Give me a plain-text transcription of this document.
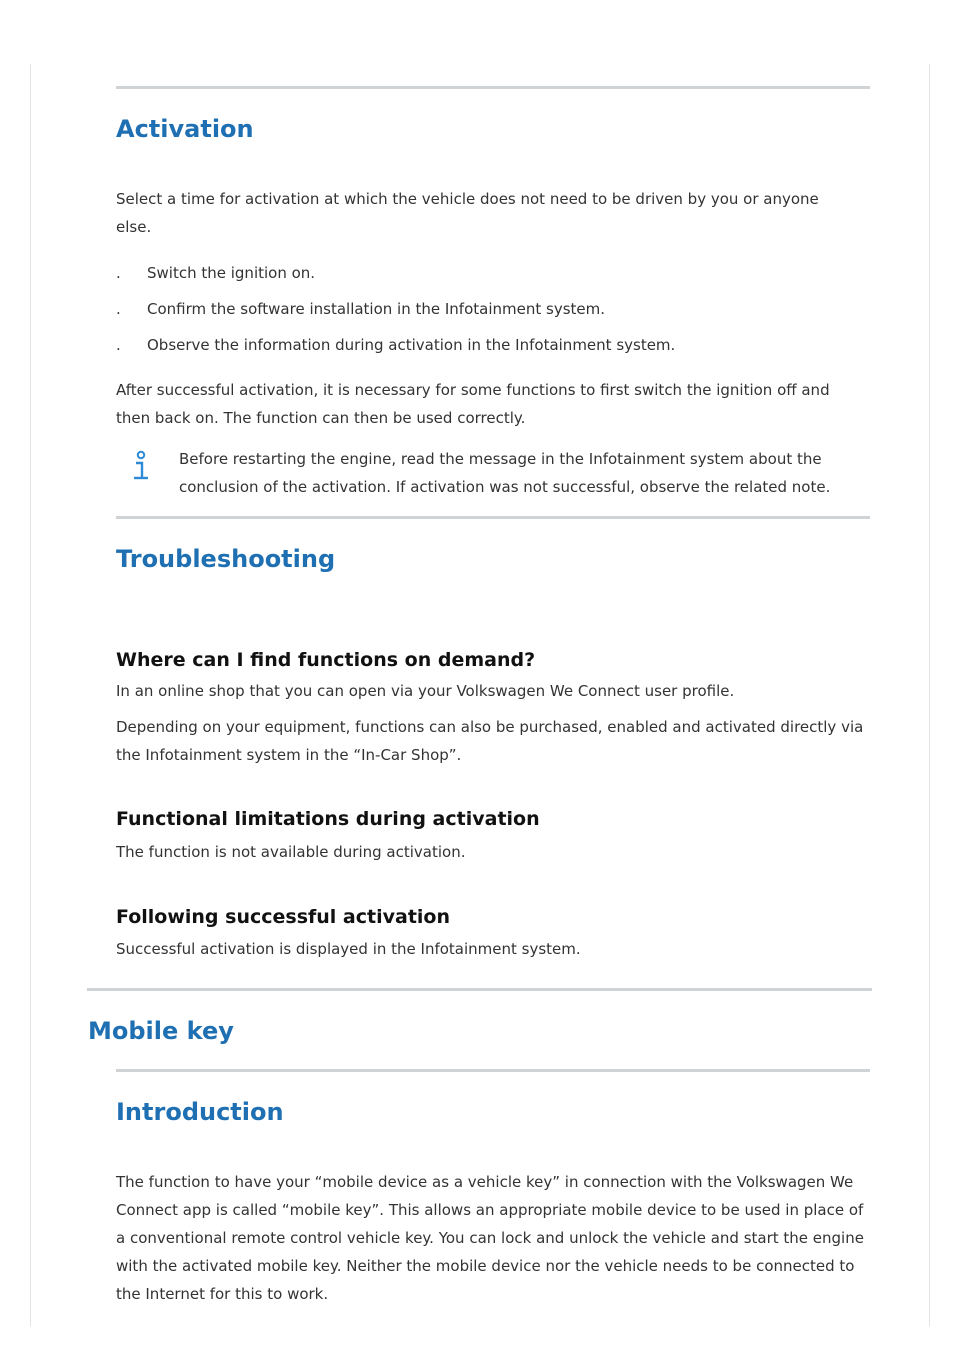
Activation

Select a time for activation at which the vehicle does not need to be driven by you or anyone else.

. Switch the ignition on.
. Confirm the software installation in the Infotainment system.
. Observe the information during activation in the Infotainment system.

After successful activation, it is necessary for some functions to first switch the ignition off and then back on. The function can then be used correctly.

Before restarting the engine, read the message in the Infotainment system about the conclusion of the activation. If activation was not successful, observe the related note.

Troubleshooting
Where can I find functions on demand?

In an online shop that you can open via your Volkswagen We Connect user profile.

Depending on your equipment, functions can also be purchased, enabled and activated directly via the Infotainment system in the “In-Car Shop”.

Functional limitations during activation

The function is not available during activation.

Following successful activation

Successful activation is displayed in the Infotainment system.

Mobile key
Introduction

The function to have your “mobile device as a vehicle key” in connection with the Volkswagen We Connect app is called “mobile key”. This allows an appropriate mobile device to be used in place of a conventional remote control vehicle key. You can lock and unlock the vehicle and start the engine with the activated mobile key. Neither the mobile device nor the vehicle needs to be connected to the Internet for this to work.
